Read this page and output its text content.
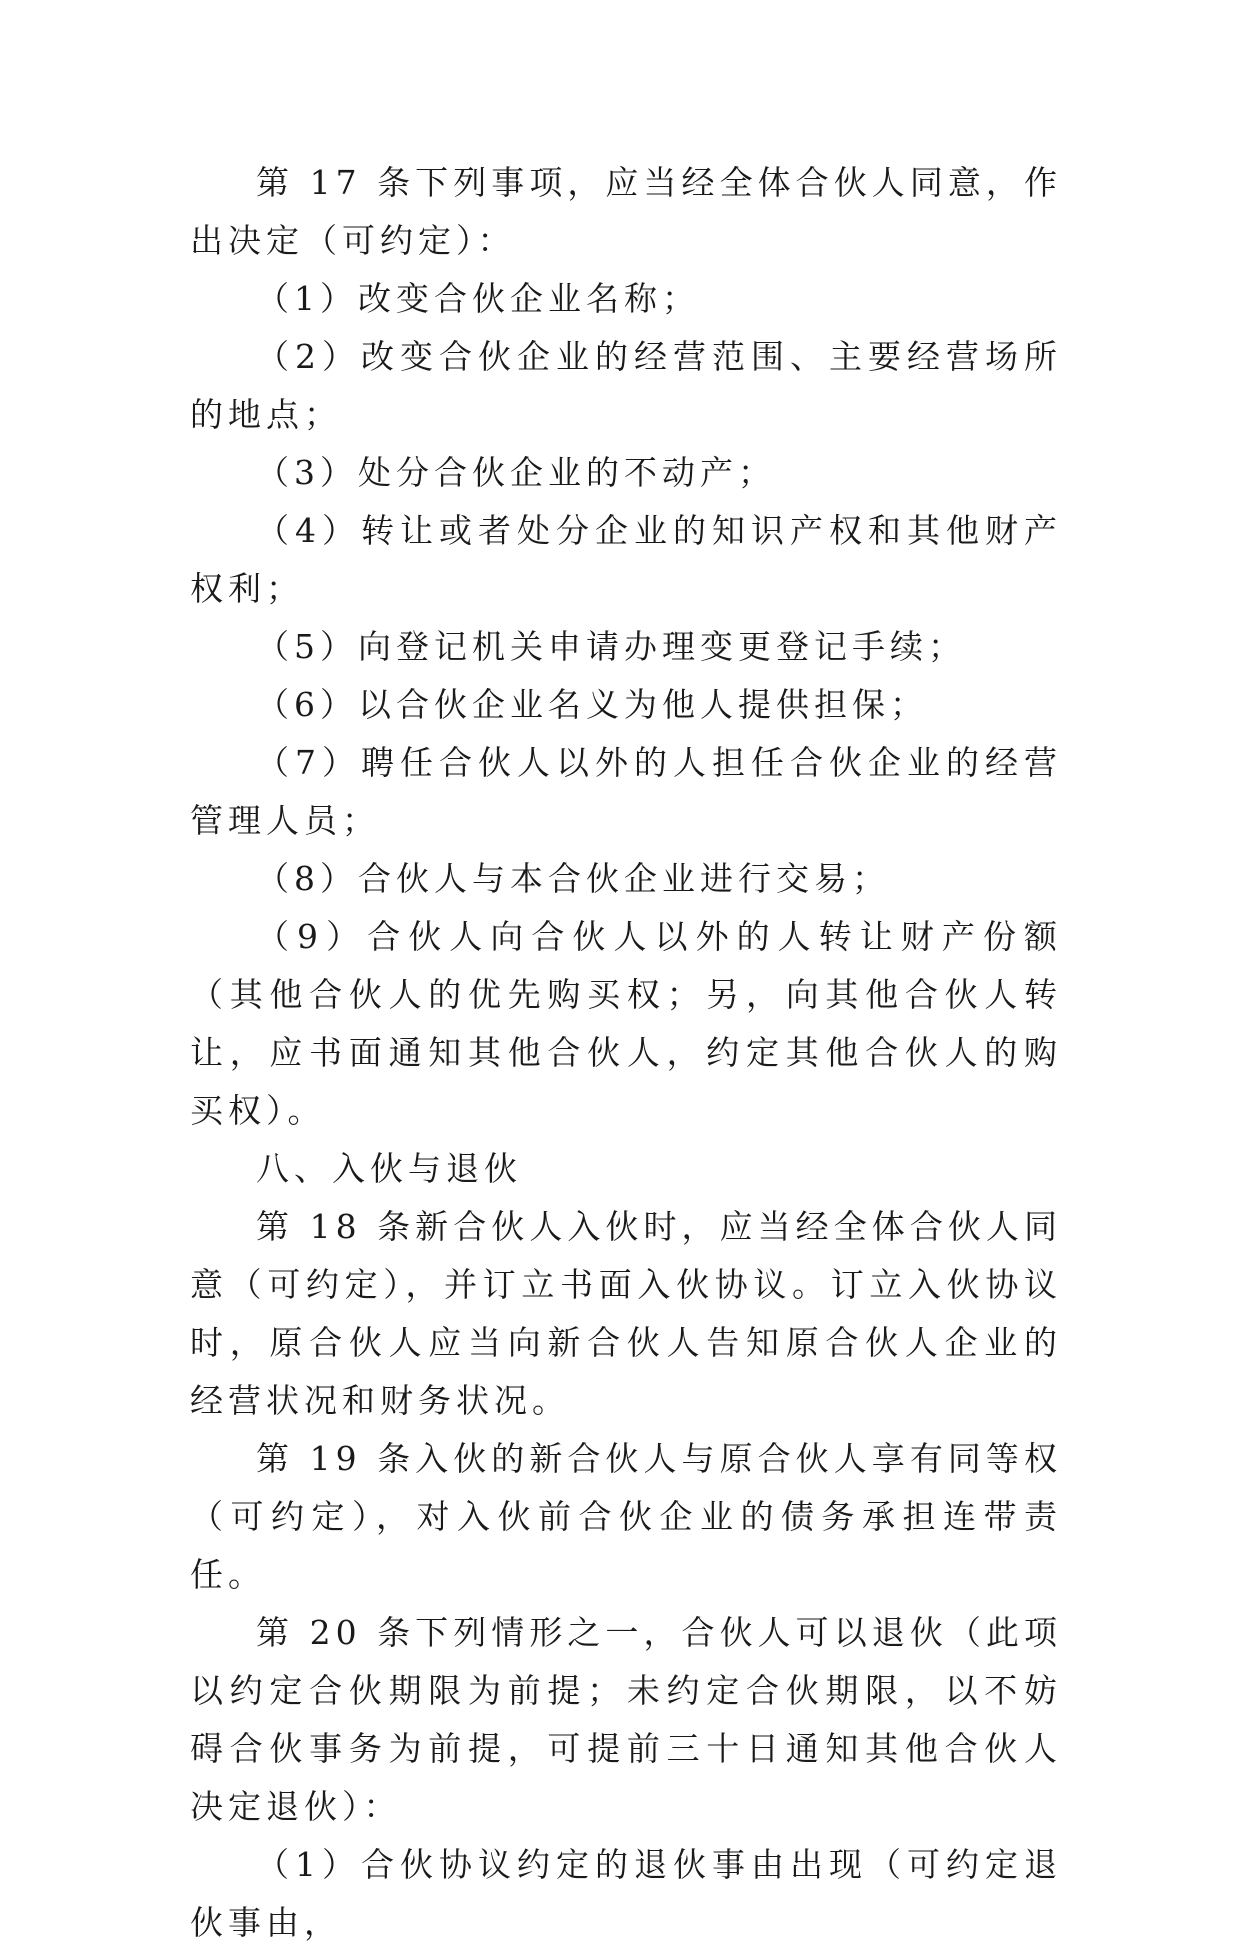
第 17 条下列事项，应当经全体合伙人同意，作出决定（可约定）：

（1）改变合伙企业名称；

（2）改变合伙企业的经营范围、主要经营场所的地点；

（3）处分合伙企业的不动产；

（4）转让或者处分企业的知识产权和其他财产权利；

（5）向登记机关申请办理变更登记手续；

（6）以合伙企业名义为他人提供担保；

（7）聘任合伙人以外的人担任合伙企业的经营管理人员；

（8）合伙人与本合伙企业进行交易；

（9）合伙人向合伙人以外的人转让财产份额（其他合伙人的优先购买权；另，向其他合伙人转让，应书面通知其他合伙人，约定其他合伙人的购买权）。

八、入伙与退伙

第 18 条新合伙人入伙时，应当经全体合伙人同意（可约定），并订立书面入伙协议。订立入伙协议时，原合伙人应当向新合伙人告知原合伙人企业的经营状况和财务状况。

第 19 条入伙的新合伙人与原合伙人享有同等权（可约定），对入伙前合伙企业的债务承担连带责任。

第 20 条下列情形之一，合伙人可以退伙（此项以约定合伙期限为前提；未约定合伙期限，以不妨碍合伙事务为前提，可提前三十日通知其他合伙人决定退伙）：

（1）合伙协议约定的退伙事由出现（可约定退伙事由，
